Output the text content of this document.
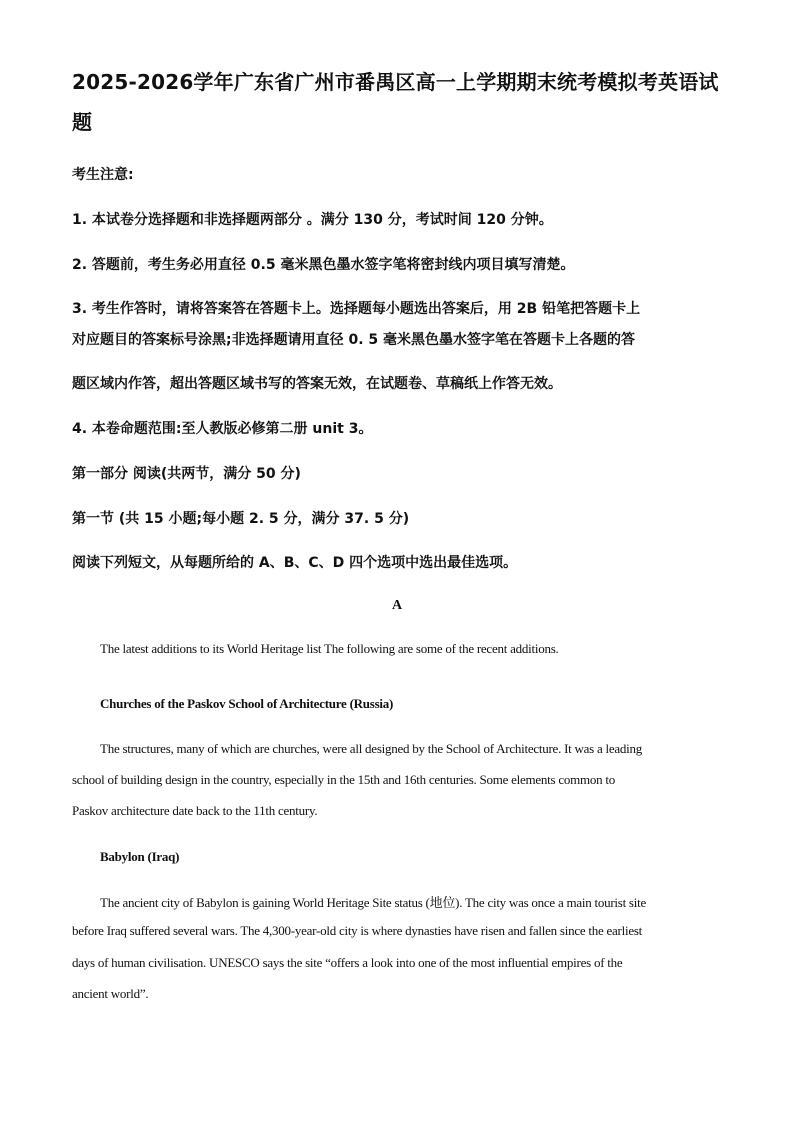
2025-2026学年广东省广州市番禺区高一上学期期末统考模拟考英语试题
考生注意:
1. 本试卷分选择题和非选择题两部分 。满分 130 分，考试时间 120 分钟。
2. 答题前，考生务必用直径 0.5 毫米黑色墨水签字笔将密封线内项目填写清楚。
3. 考生作答时，请将答案答在答题卡上。选择题每小题选出答案后，用 2B 铅笔把答题卡上
对应题目的答案标号涂黑;非选择题请用直径 0. 5 毫米黑色墨水签字笔在答题卡上各题的答
题区域内作答，超出答题区域书写的答案无效，在试题卷、草稿纸上作答无效。
4. 本卷命题范围:至人教版必修第二册 unit 3。
第一部分 阅读(共两节，满分 50 分)
第一节 (共 15 小题;每小题 2. 5 分，满分 37. 5 分)
阅读下列短文，从每题所给的 A、B、C、D 四个选项中选出最佳选项。
A
The latest additions to its World Heritage list The following are some of the recent additions.
Churches of the Paskov School of Architecture (Russia)
The structures, many of which are churches, were all designed by the School of Architecture. It was a leading
school of building design in the country, especially in the 15th and 16th centuries. Some elements common to
Paskov architecture date back to the 11th century.
Babylon (Iraq)
The ancient city of Babylon is gaining World Heritage Site status (地位). The city was once a main tourist site
before Iraq suffered several wars. The 4,300-year-old city is where dynasties have risen and fallen since the earliest
days of human civilisation. UNESCO says the site “offers a look into one of the most influential empires of the
ancient world”.
